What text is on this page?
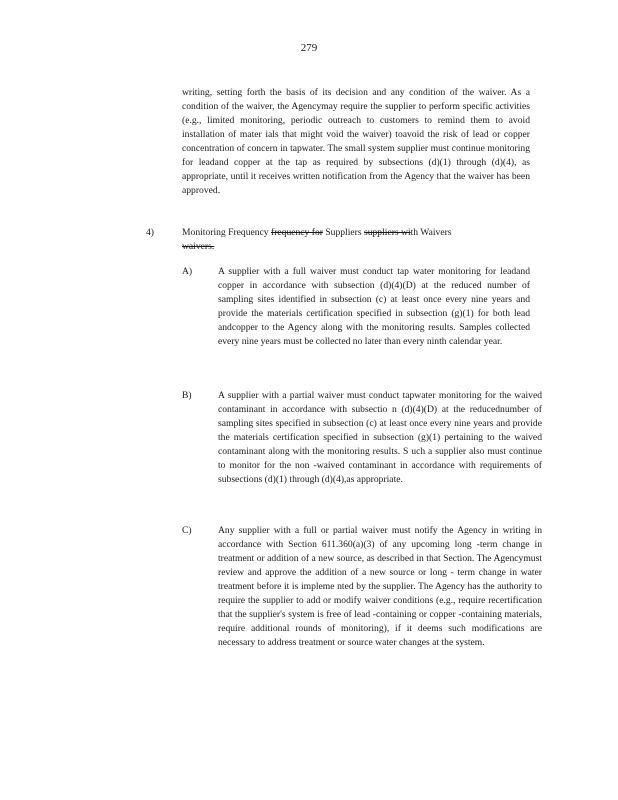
279
writing, setting forth the basis of its decision and any condition of the waiver. As a condition of the waiver, the Agencymay require the supplier to perform specific activities (e.g., limited monitoring, periodic outreach to customers to remind them to avoid installation of mater ials that might void the waiver) toavoid the risk of lead or copper concentration of concern in tapwater. The small system supplier must continue monitoring for leadand copper at the tap as required by subsections (d)(1) through (d)(4), as appropriate, until it receives written notification from the Agency that the waiver has been approved.
4)	Monitoring Frequency frequency for Suppliers suppliers with Waivers
waivers.
A)	A supplier with a full waiver must conduct tap water monitoring for leadand copper in accordance with subsection (d)(4)(D) at the reduced number of sampling sites identified in subsection (c) at least once every nine years and provide the materials certification specified in subsection (g)(1) for both lead andcopper to the Agency along with the monitoring results. Samples collected every nine years must be collected no later than every ninth calendar year.
B)	A supplier with a partial waiver must conduct tapwater monitoring for the waived contaminant in accordance with subsectio n (d)(4)(D) at the reducednumber of sampling sites specified in subsection (c) at least once every nine years and provide the materials certification specified in subsection (g)(1) pertaining to the waived contaminant along with the monitoring results. S uch a supplier also must continue to monitor for the non -waived contaminant in accordance with requirements of subsections (d)(1) through (d)(4),as appropriate.
C)	Any supplier with a full or partial waiver must notify the Agency in writing in accordance with Section 611.360(a)(3) of any upcoming long -term change in treatment or addition of a new source, as described in that Section. The Agencymust review and approve the addition of a new source or long - term change in water treatment before it is impleme nted by the supplier. The Agency has the authority to require the supplier to add or modify waiver conditions (e.g., require recertification that the supplier's system is free of lead -containing or copper -containing materials, require additional rounds of monitoring), if it deems such modifications are necessary to address treatment or source water changes at the system.
